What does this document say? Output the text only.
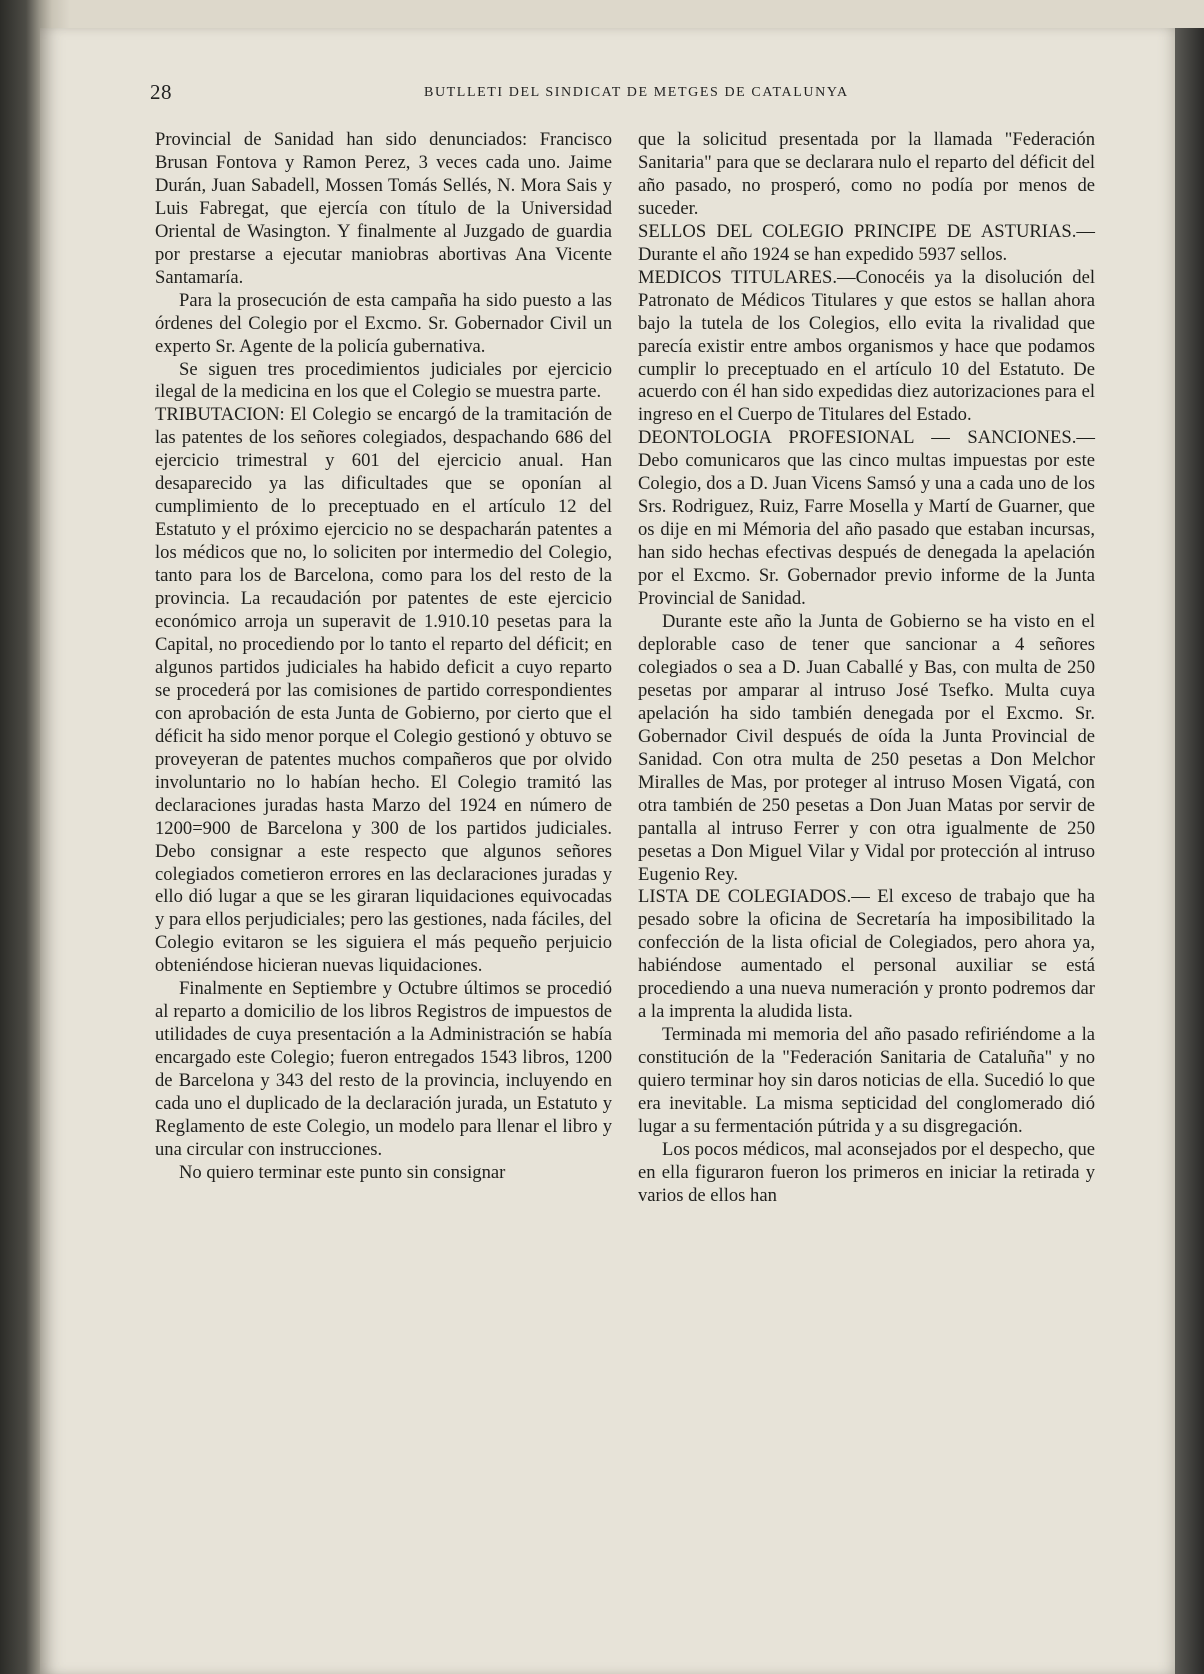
28	BUTLLETI DEL SINDICAT DE METGES DE CATALUNYA

Provincial de Sanidad han sido denunciados: Francisco Brusan Fontova y Ramon Perez, 3 veces cada uno. Jaime Durán, Juan Sabadell, Mossen Tomás Sellés, N. Mora Sais y Luis Fabregat, que ejercía con título de la Universidad Oriental de Wasington. Y finalmente al Juzgado de guardia por prestarse a ejecutar maniobras abortivas Ana Vicente Santamaría.

Para la prosecución de esta campaña ha sido puesto a las órdenes del Colegio por el Excmo. Sr. Gobernador Civil un experto Sr. Agente de la policía gubernativa.

Se siguen tres procedimientos judiciales por ejercicio ilegal de la medicina en los que el Colegio se muestra parte.

TRIBUTACION: El Colegio se encargó de la tramitación de las patentes de los señores colegiados, despachando 686 del ejercicio trimestral y 601 del ejercicio anual. Han desaparecido ya las dificultades que se oponían al cumplimiento de lo preceptuado en el artículo 12 del Estatuto y el próximo ejercicio no se despacharán patentes a los médicos que no, lo soliciten por intermedio del Colegio, tanto para los de Barcelona, como para los del resto de la provincia. La recaudación por patentes de este ejercicio económico arroja un superavit de 1.910.10 pesetas para la Capital, no procediendo por lo tanto el reparto del déficit; en algunos partidos judiciales ha habido deficit a cuyo reparto se procederá por las comisiones de partido correspondientes con aprobación de esta Junta de Gobierno, por cierto que el déficit ha sido menor porque el Colegio gestionó y obtuvo se proveyeran de patentes muchos compañeros que por olvido involuntario no lo habían hecho. El Colegio tramitó las declaraciones juradas hasta Marzo del 1924 en número de 1200=900 de Barcelona y 300 de los partidos judiciales. Debo consignar a este respecto que algunos señores colegiados cometieron errores en las declaraciones juradas y ello dió lugar a que se les giraran liquidaciones equivocadas y para ellos perjudiciales; pero las gestiones, nada fáciles, del Colegio evitaron se les siguiera el más pequeño perjuicio obteniéndose hicieran nuevas liquidaciones.

Finalmente en Septiembre y Octubre últimos se procedió al reparto a domicilio de los libros Registros de impuestos de utilidades de cuya presentación a la Administración se había encargado este Colegio; fueron entregados 1543 libros, 1200 de Barcelona y 343 del resto de la provincia, incluyendo en cada uno el duplicado de la declaración jurada, un Estatuto y Reglamento de este Colegio, un modelo para llenar el libro y una circular con instrucciones.

No quiero terminar este punto sin consignar

que la solicitud presentada por la llamada "Federación Sanitaria" para que se declarara nulo el reparto del déficit del año pasado, no prosperó, como no podía por menos de suceder.

SELLOS DEL COLEGIO PRINCIPE DE ASTURIAS.—Durante el año 1924 se han expedido 5937 sellos.

MEDICOS TITULARES.—Conocéis ya la disolución del Patronato de Médicos Titulares y que estos se hallan ahora bajo la tutela de los Colegios, ello evita la rivalidad que parecía existir entre ambos organismos y hace que podamos cumplir lo preceptuado en el artículo 10 del Estatuto. De acuerdo con él han sido expedidas diez autorizaciones para el ingreso en el Cuerpo de Titulares del Estado.

DEONTOLOGIA PROFESIONAL — SANCIONES.—Debo comunicaros que las cinco multas impuestas por este Colegio, dos a D. Juan Vicens Samsó y una a cada uno de los Srs. Rodriguez, Ruiz, Farre Mosella y Martí de Guarner, que os dije en mi Mémoria del año pasado que estaban incursas, han sido hechas efectivas después de denegada la apelación por el Excmo. Sr. Gobernador previo informe de la Junta Provincial de Sanidad.

Durante este año la Junta de Gobierno se ha visto en el deplorable caso de tener que sancionar a 4 señores colegiados o sea a D. Juan Caballé y Bas, con multa de 250 pesetas por amparar al intruso José Tsefko. Multa cuya apelación ha sido también denegada por el Excmo. Sr. Gobernador Civil después de oída la Junta Provincial de Sanidad. Con otra multa de 250 pesetas a Don Melchor Miralles de Mas, por proteger al intruso Mosen Vigatá, con otra también de 250 pesetas a Don Juan Matas por servir de pantalla al intruso Ferrer y con otra igualmente de 250 pesetas a Don Miguel Vilar y Vidal por protección al intruso Eugenio Rey.

LISTA DE COLEGIADOS.— El exceso de trabajo que ha pesado sobre la oficina de Secretaría ha imposibilitado la confección de la lista oficial de Colegiados, pero ahora ya, habiéndose aumentado el personal auxiliar se está procediendo a una nueva numeración y pronto podremos dar a la imprenta la aludida lista.

Terminada mi memoria del año pasado refiriéndome a la constitución de la "Federación Sanitaria de Cataluña" y no quiero terminar hoy sin daros noticias de ella. Sucedió lo que era inevitable. La misma septicidad del conglomerado dió lugar a su fermentación pútrida y a su disgregación.

Los pocos médicos, mal aconsejados por el despecho, que en ella figuraron fueron los primeros en iniciar la retirada y varios de ellos han
